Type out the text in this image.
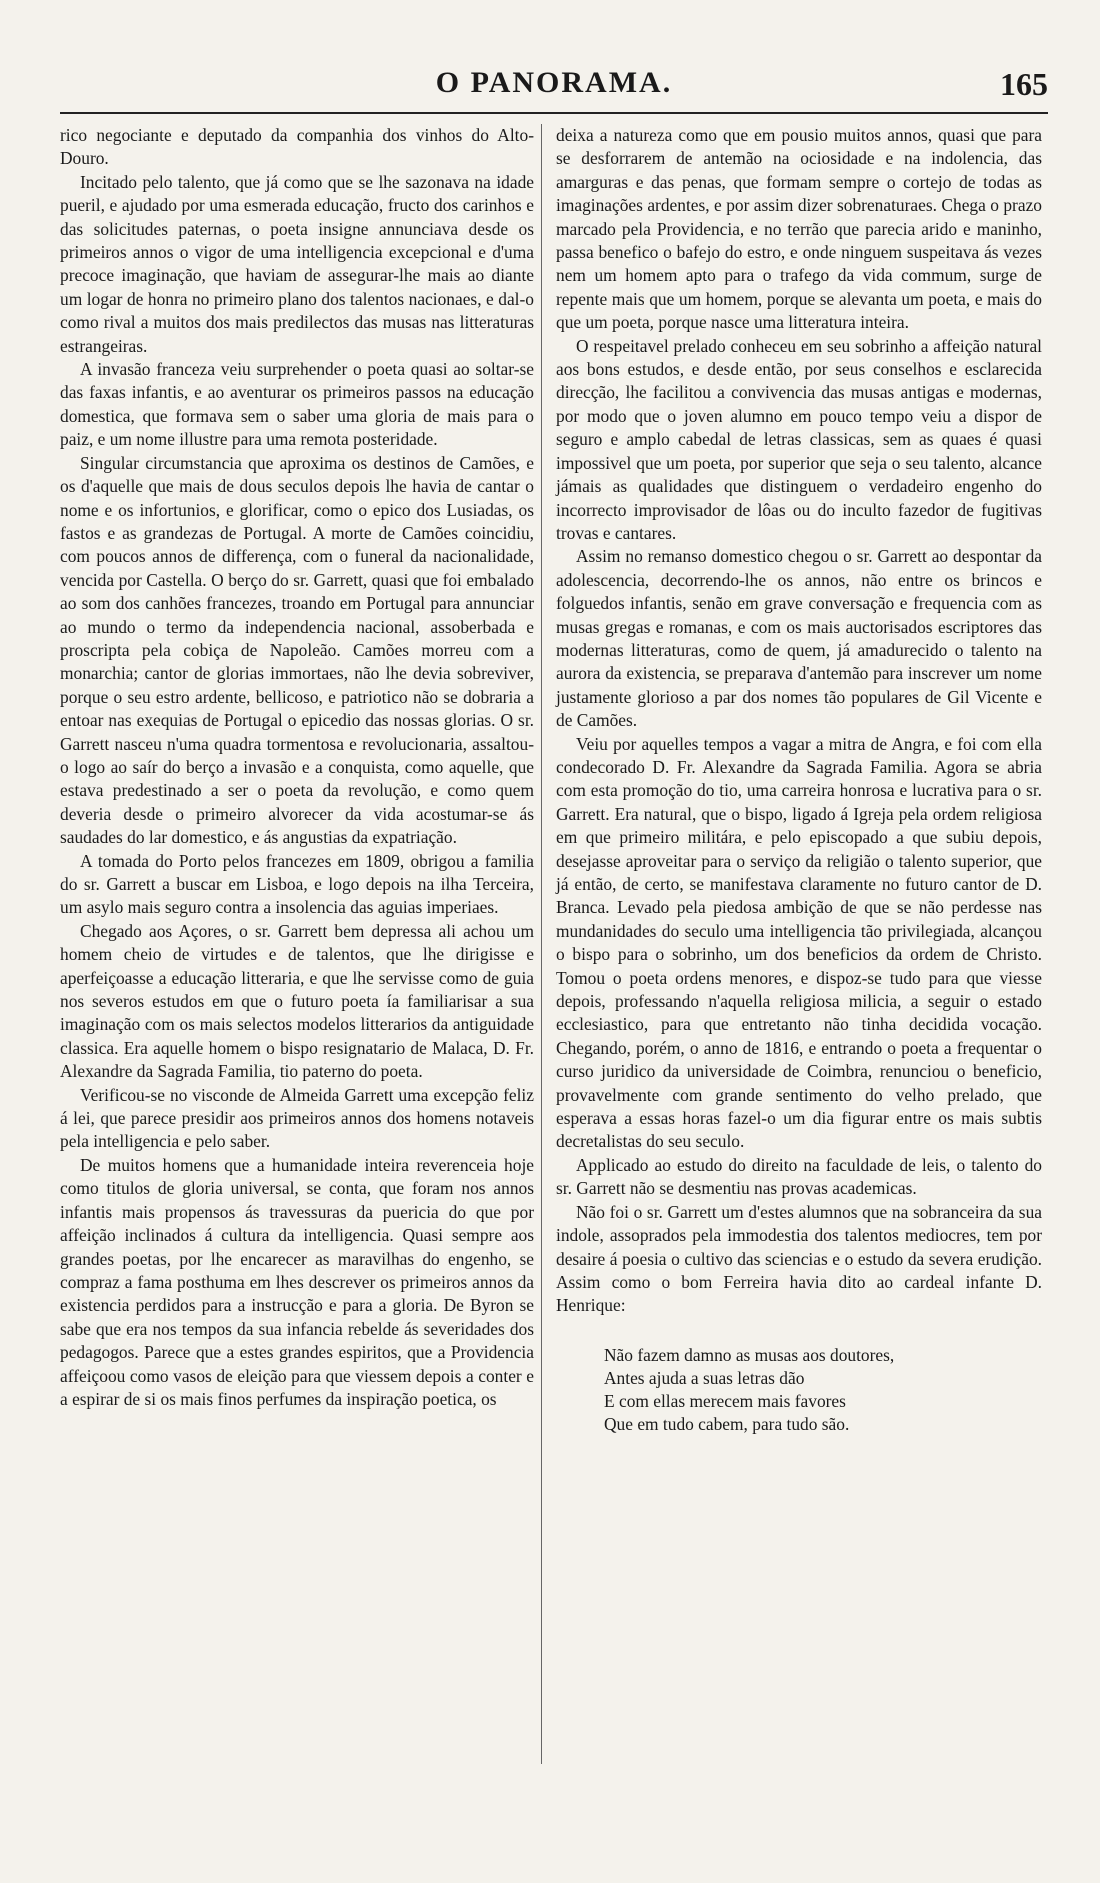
O PANORAMA.	165

rico negociante e deputado da companhia dos vinhos do Alto-Douro.

Incitado pelo talento, que já como que se lhe sazonava na idade pueril, e ajudado por uma esmerada educação, fructo dos carinhos e das solicitudes paternas, o poeta insigne annunciava desde os primeiros annos o vigor de uma intelligencia excepcional e d'uma precoce imaginação, que haviam de assegurar-lhe mais ao diante um logar de honra no primeiro plano dos talentos nacionaes, e dal-o como rival a muitos dos mais predilectos das musas nas litteraturas estrangeiras.

A invasão franceza veiu surprehender o poeta quasi ao soltar-se das faxas infantis, e ao aventurar os primeiros passos na educação domestica, que formava sem o saber uma gloria de mais para o paiz, e um nome illustre para uma remota posteridade.

Singular circumstancia que aproxima os destinos de Camões, e os d'aquelle que mais de dous seculos depois lhe havia de cantar o nome e os infortunios, e glorificar, como o epico dos Lusiadas, os fastos e as grandezas de Portugal. A morte de Camões coincidiu, com poucos annos de differença, com o funeral da nacionalidade, vencida por Castella. O berço do sr. Garrett, quasi que foi embalado ao som dos canhões francezes, troando em Portugal para annunciar ao mundo o termo da independencia nacional, assoberbada e proscripta pela cobiça de Napoleão. Camões morreu com a monarchia; cantor de glorias immortaes, não lhe devia sobreviver, porque o seu estro ardente, bellicoso, e patriotico não se dobraria a entoar nas exequias de Portugal o epicedio das nossas glorias. O sr. Garrett nasceu n'uma quadra tormentosa e revolucionaria, assaltou-o logo ao saír do berço a invasão e a conquista, como aquelle, que estava predestinado a ser o poeta da revolução, e como quem deveria desde o primeiro alvorecer da vida acostumar-se ás saudades do lar domestico, e ás angustias da expatriação.

A tomada do Porto pelos francezes em 1809, obrigou a familia do sr. Garrett a buscar em Lisboa, e logo depois na ilha Terceira, um asylo mais seguro contra a insolencia das aguias imperiaes.

Chegado aos Açores, o sr. Garrett bem depressa ali achou um homem cheio de virtudes e de talentos, que lhe dirigisse e aperfeiçoasse a educação litteraria, e que lhe servisse como de guia nos severos estudos em que o futuro poeta ía familiarisar a sua imaginação com os mais selectos modelos litterarios da antiguidade classica. Era aquelle homem o bispo resignatario de Malaca, D. Fr. Alexandre da Sagrada Familia, tio paterno do poeta.

Verificou-se no visconde de Almeida Garrett uma excepção feliz á lei, que parece presidir aos primeiros annos dos homens notaveis pela intelligencia e pelo saber.

De muitos homens que a humanidade inteira reverenceia hoje como titulos de gloria universal, se conta, que foram nos annos infantis mais propensos ás travessuras da puericia do que por affeição inclinados á cultura da intelligencia. Quasi sempre aos grandes poetas, por lhe encarecer as maravilhas do engenho, se compraz a fama posthuma em lhes descrever os primeiros annos da existencia perdidos para a instrucção e para a gloria. De Byron se sabe que era nos tempos da sua infancia rebelde ás severidades dos pedagogos. Parece que a estes grandes espiritos, que a Providencia affeiçoou como vasos de eleição para que viessem depois a conter e a espirar de si os mais finos perfumes da inspiração poetica, os

deixa a natureza como que em pousio muitos annos, quasi que para se desforrarem de antemão na ociosidade e na indolencia, das amarguras e das penas, que formam sempre o cortejo de todas as imaginações ardentes, e por assim dizer sobrenaturaes. Chega o prazo marcado pela Providencia, e no terrão que parecia arido e maninho, passa benefico o bafejo do estro, e onde ninguem suspeitava ás vezes nem um homem apto para o trafego da vida commum, surge de repente mais que um homem, porque se alevanta um poeta, e mais do que um poeta, porque nasce uma litteratura inteira.

O respeitavel prelado conheceu em seu sobrinho a affeição natural aos bons estudos, e desde então, por seus conselhos e esclarecida direcção, lhe facilitou a convivencia das musas antigas e modernas, por modo que o joven alumno em pouco tempo veiu a dispor de seguro e amplo cabedal de letras classicas, sem as quaes é quasi impossivel que um poeta, por superior que seja o seu talento, alcance jámais as qualidades que distinguem o verdadeiro engenho do incorrecto improvisador de lôas ou do inculto fazedor de fugitivas trovas e cantares.

Assim no remanso domestico chegou o sr. Garrett ao despontar da adolescencia, decorrendo-lhe os annos, não entre os brincos e folguedos infantis, senão em grave conversação e frequencia com as musas gregas e romanas, e com os mais auctorisados escriptores das modernas litteraturas, como de quem, já amadurecido o talento na aurora da existencia, se preparava d'antemão para inscrever um nome justamente glorioso a par dos nomes tão populares de Gil Vicente e de Camões.

Veiu por aquelles tempos a vagar a mitra de Angra, e foi com ella condecorado D. Fr. Alexandre da Sagrada Familia. Agora se abria com esta promoção do tio, uma carreira honrosa e lucrativa para o sr. Garrett. Era natural, que o bispo, ligado á Igreja pela ordem religiosa em que primeiro militára, e pelo episcopado a que subiu depois, desejasse aproveitar para o serviço da religião o talento superior, que já então, de certo, se manifestava claramente no futuro cantor de D. Branca. Levado pela piedosa ambição de que se não perdesse nas mundanidades do seculo uma intelligencia tão privilegiada, alcançou o bispo para o sobrinho, um dos beneficios da ordem de Christo. Tomou o poeta ordens menores, e dispoz-se tudo para que viesse depois, professando n'aquella religiosa milicia, a seguir o estado ecclesiastico, para que entretanto não tinha decidida vocação. Chegando, porém, o anno de 1816, e entrando o poeta a frequentar o curso juridico da universidade de Coimbra, renunciou o beneficio, provavelmente com grande sentimento do velho prelado, que esperava a essas horas fazel-o um dia figurar entre os mais subtis decretalistas do seu seculo.

Applicado ao estudo do direito na faculdade de leis, o talento do sr. Garrett não se desmentiu nas provas academicas.

Não foi o sr. Garrett um d'estes alumnos que na sobranceira da sua indole, assoprados pela immodestia dos talentos mediocres, tem por desaire á poesia o cultivo das sciencias e o estudo da severa erudição. Assim como o bom Ferreira havia dito ao cardeal infante D. Henrique:

Não fazem damno as musas aos doutores,
Antes ajuda a suas letras dão
E com ellas merecem mais favores
Que em tudo cabem, para tudo são.
